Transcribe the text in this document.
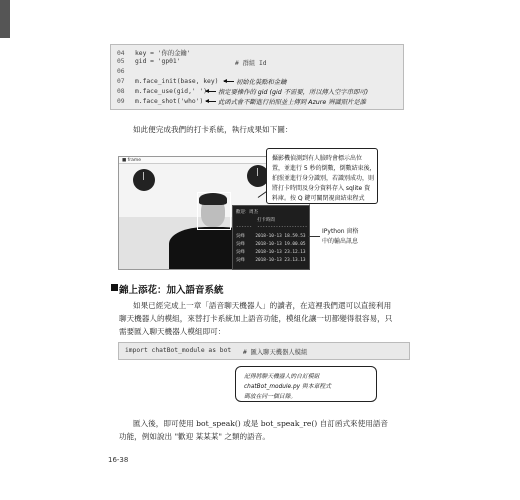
04 key = '你的金鑰'
05 gid = 'gp01'	# 群組 Id
06
07 m.face_init(base, key)
08 m.face_use(gid,' ')
09 m.face_shot('who')
初始化裝點和金鑰
指定要操作的 gid (gid 不需要，所以傳入空字串即可)
此函式會不斷進行拍照並上傳到 Azure 辨識照片是誰
如此便完成我們的打卡系統，執行成果如下圖：
■ frame
歡迎：周杰
打卡時間
------  -------------------
吳峰    2018-10-13 18.59.53
吳峰    2018-10-13 19.00.05
吳峰    2018-10-13 23.12.13
吳峰    2018-10-13 23.13.13
攝影機偵測到有人臉時會標示出位
置，並進行 5 秒的倒數，倒數結束後，
拍照並進行身分識別，若識別成功，則
將打卡時間及身分資料存入 sqlite 資
料庫。按 Q 鍵可關閉視窗結束程式
IPython 窗格
中的輸出訊息
錦上添花：加入語音系統
如果已經完成上一章「語音聊天機器人」的讀者，在這裡我們還可以直接利用
聊天機器人的模組，來替打卡系統加上語音功能，模組化讓一切都變得很容易，只
需要匯入聊天機器人模組即可：
import chatBot_module as bot # 匯入聊天機器人模組
記得將聊天機器人的自訂模組
chatBot_module.py 與本章程式
碼放在同一個目錄。
匯入後，即可使用 bot_speak() 或是 bot_speak_re() 自訂函式來使用語音
功能，例如說出 "歡迎 某某某" 之類的語音。
16-38
